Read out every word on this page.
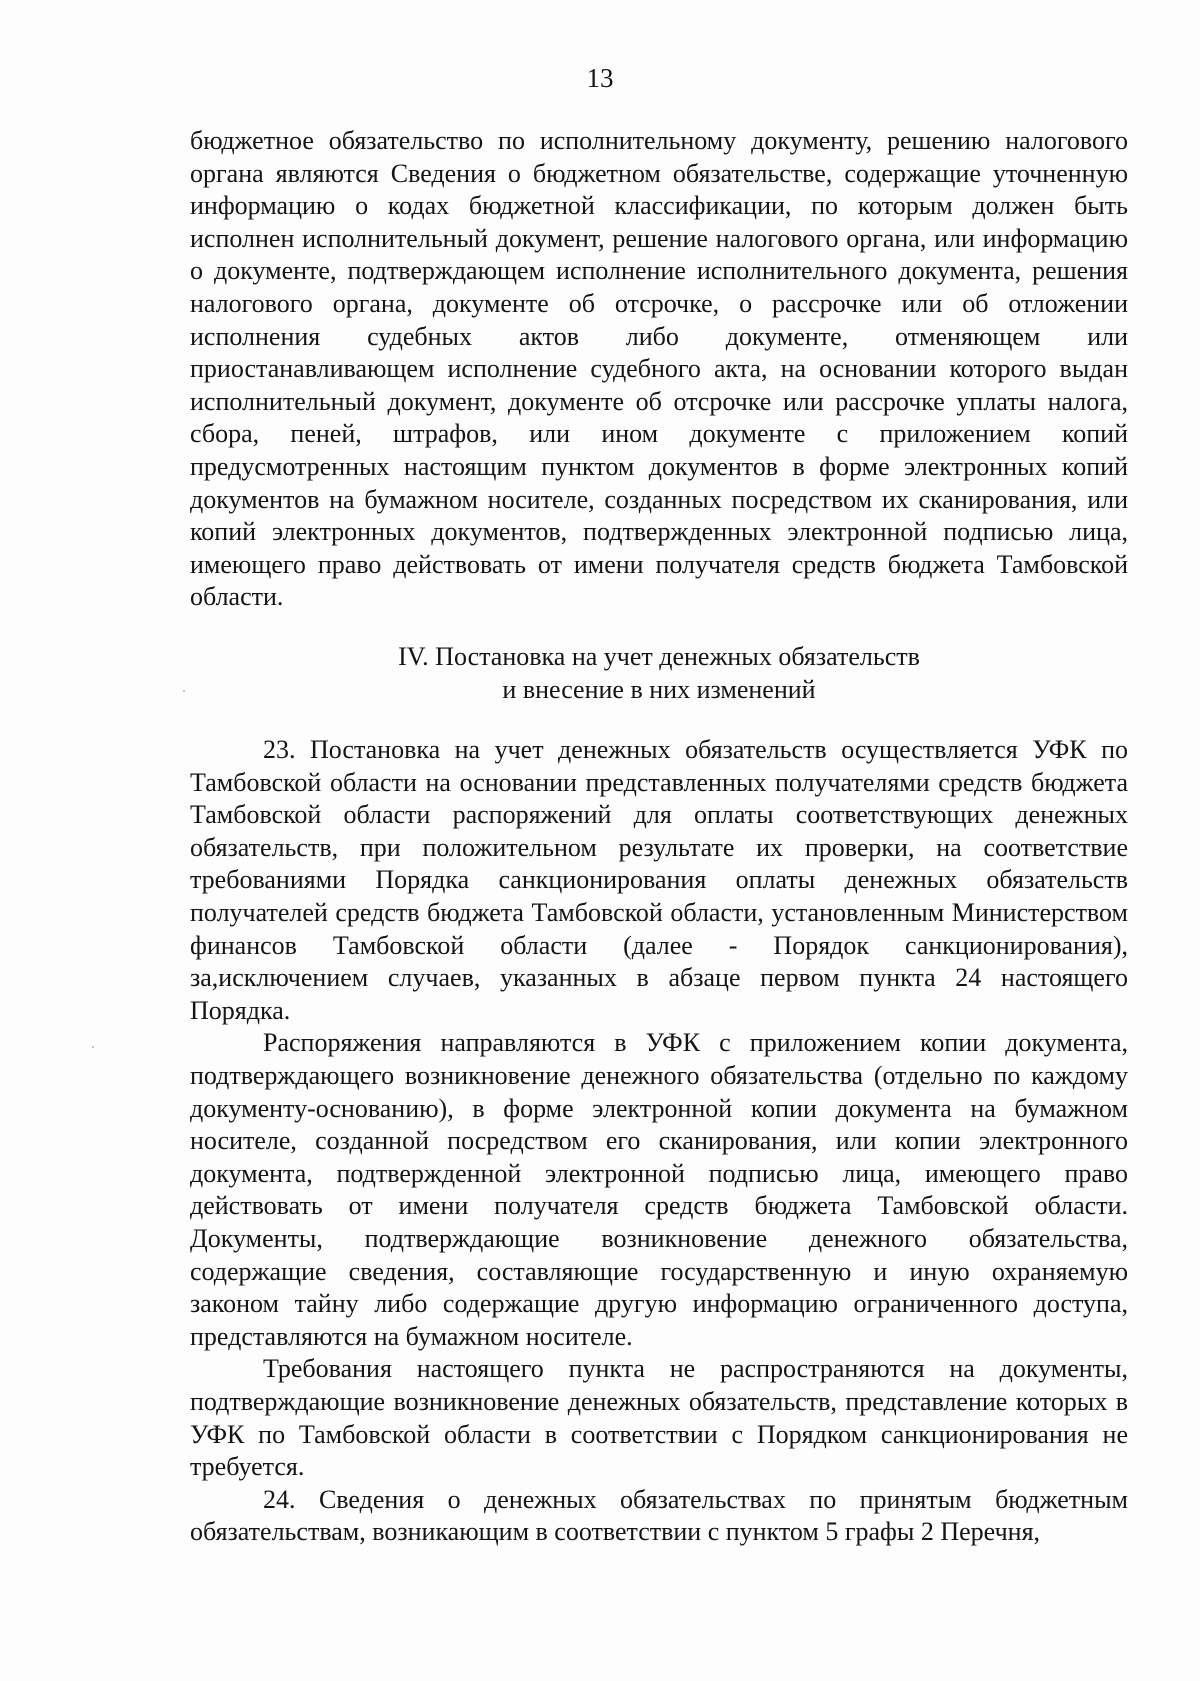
13

бюджетное обязательство по исполнительному документу, решению налогового органа являются Сведения о бюджетном обязательстве, содержащие уточненную информацию о кодах бюджетной классификации, по которым должен быть исполнен исполнительный документ, решение налогового органа, или информацию о документе, подтверждающем исполнение исполнительного документа, решения налогового органа, документе об отсрочке, о рассрочке или об отложении исполнения судебных актов либо документе, отменяющем или приостанавливающем исполнение судебного акта, на основании которого выдан исполнительный документ, документе об отсрочке или рассрочке уплаты налога, сбора, пеней, штрафов, или ином документе с приложением копий предусмотренных настоящим пунктом документов в форме электронных копий документов на бумажном носителе, созданных посредством их сканирования, или копий электронных документов, подтвержденных электронной подписью лица, имеющего право действовать от имени получателя средств бюджета Тамбовской области.

IV. Постановка на учет денежных обязательств
и внесение в них изменений

23. Постановка на учет денежных обязательств осуществляется УФК по Тамбовской области на основании представленных получателями средств бюджета Тамбовской области распоряжений для оплаты соответствующих денежных обязательств, при положительном результате их проверки, на соответствие требованиями Порядка санкционирования оплаты денежных обязательств получателей средств бюджета Тамбовской области, установленным Министерством финансов Тамбовской области (далее - Порядок санкционирования), за,исключением случаев, указанных в абзаце первом пункта 24 настоящего Порядка.

Распоряжения направляются в УФК с приложением копии документа, подтверждающего возникновение денежного обязательства (отдельно по каждому документу-основанию), в форме электронной копии документа на бумажном носителе, созданной посредством его сканирования, или копии электронного документа, подтвержденной электронной подписью лица, имеющего право действовать от имени получателя средств бюджета Тамбовской области. Документы, подтверждающие возникновение денежного обязательства, содержащие сведения, составляющие государственную и иную охраняемую законом тайну либо содержащие другую информацию ограниченного доступа, представляются на бумажном носителе.

Требования настоящего пункта не распространяются на документы, подтверждающие возникновение денежных обязательств, представление которых в УФК по Тамбовской области в соответствии с Порядком санкционирования не требуется.

24. Сведения о денежных обязательствах по принятым бюджетным обязательствам, возникающим в соответствии с пунктом 5 графы 2 Перечня,
